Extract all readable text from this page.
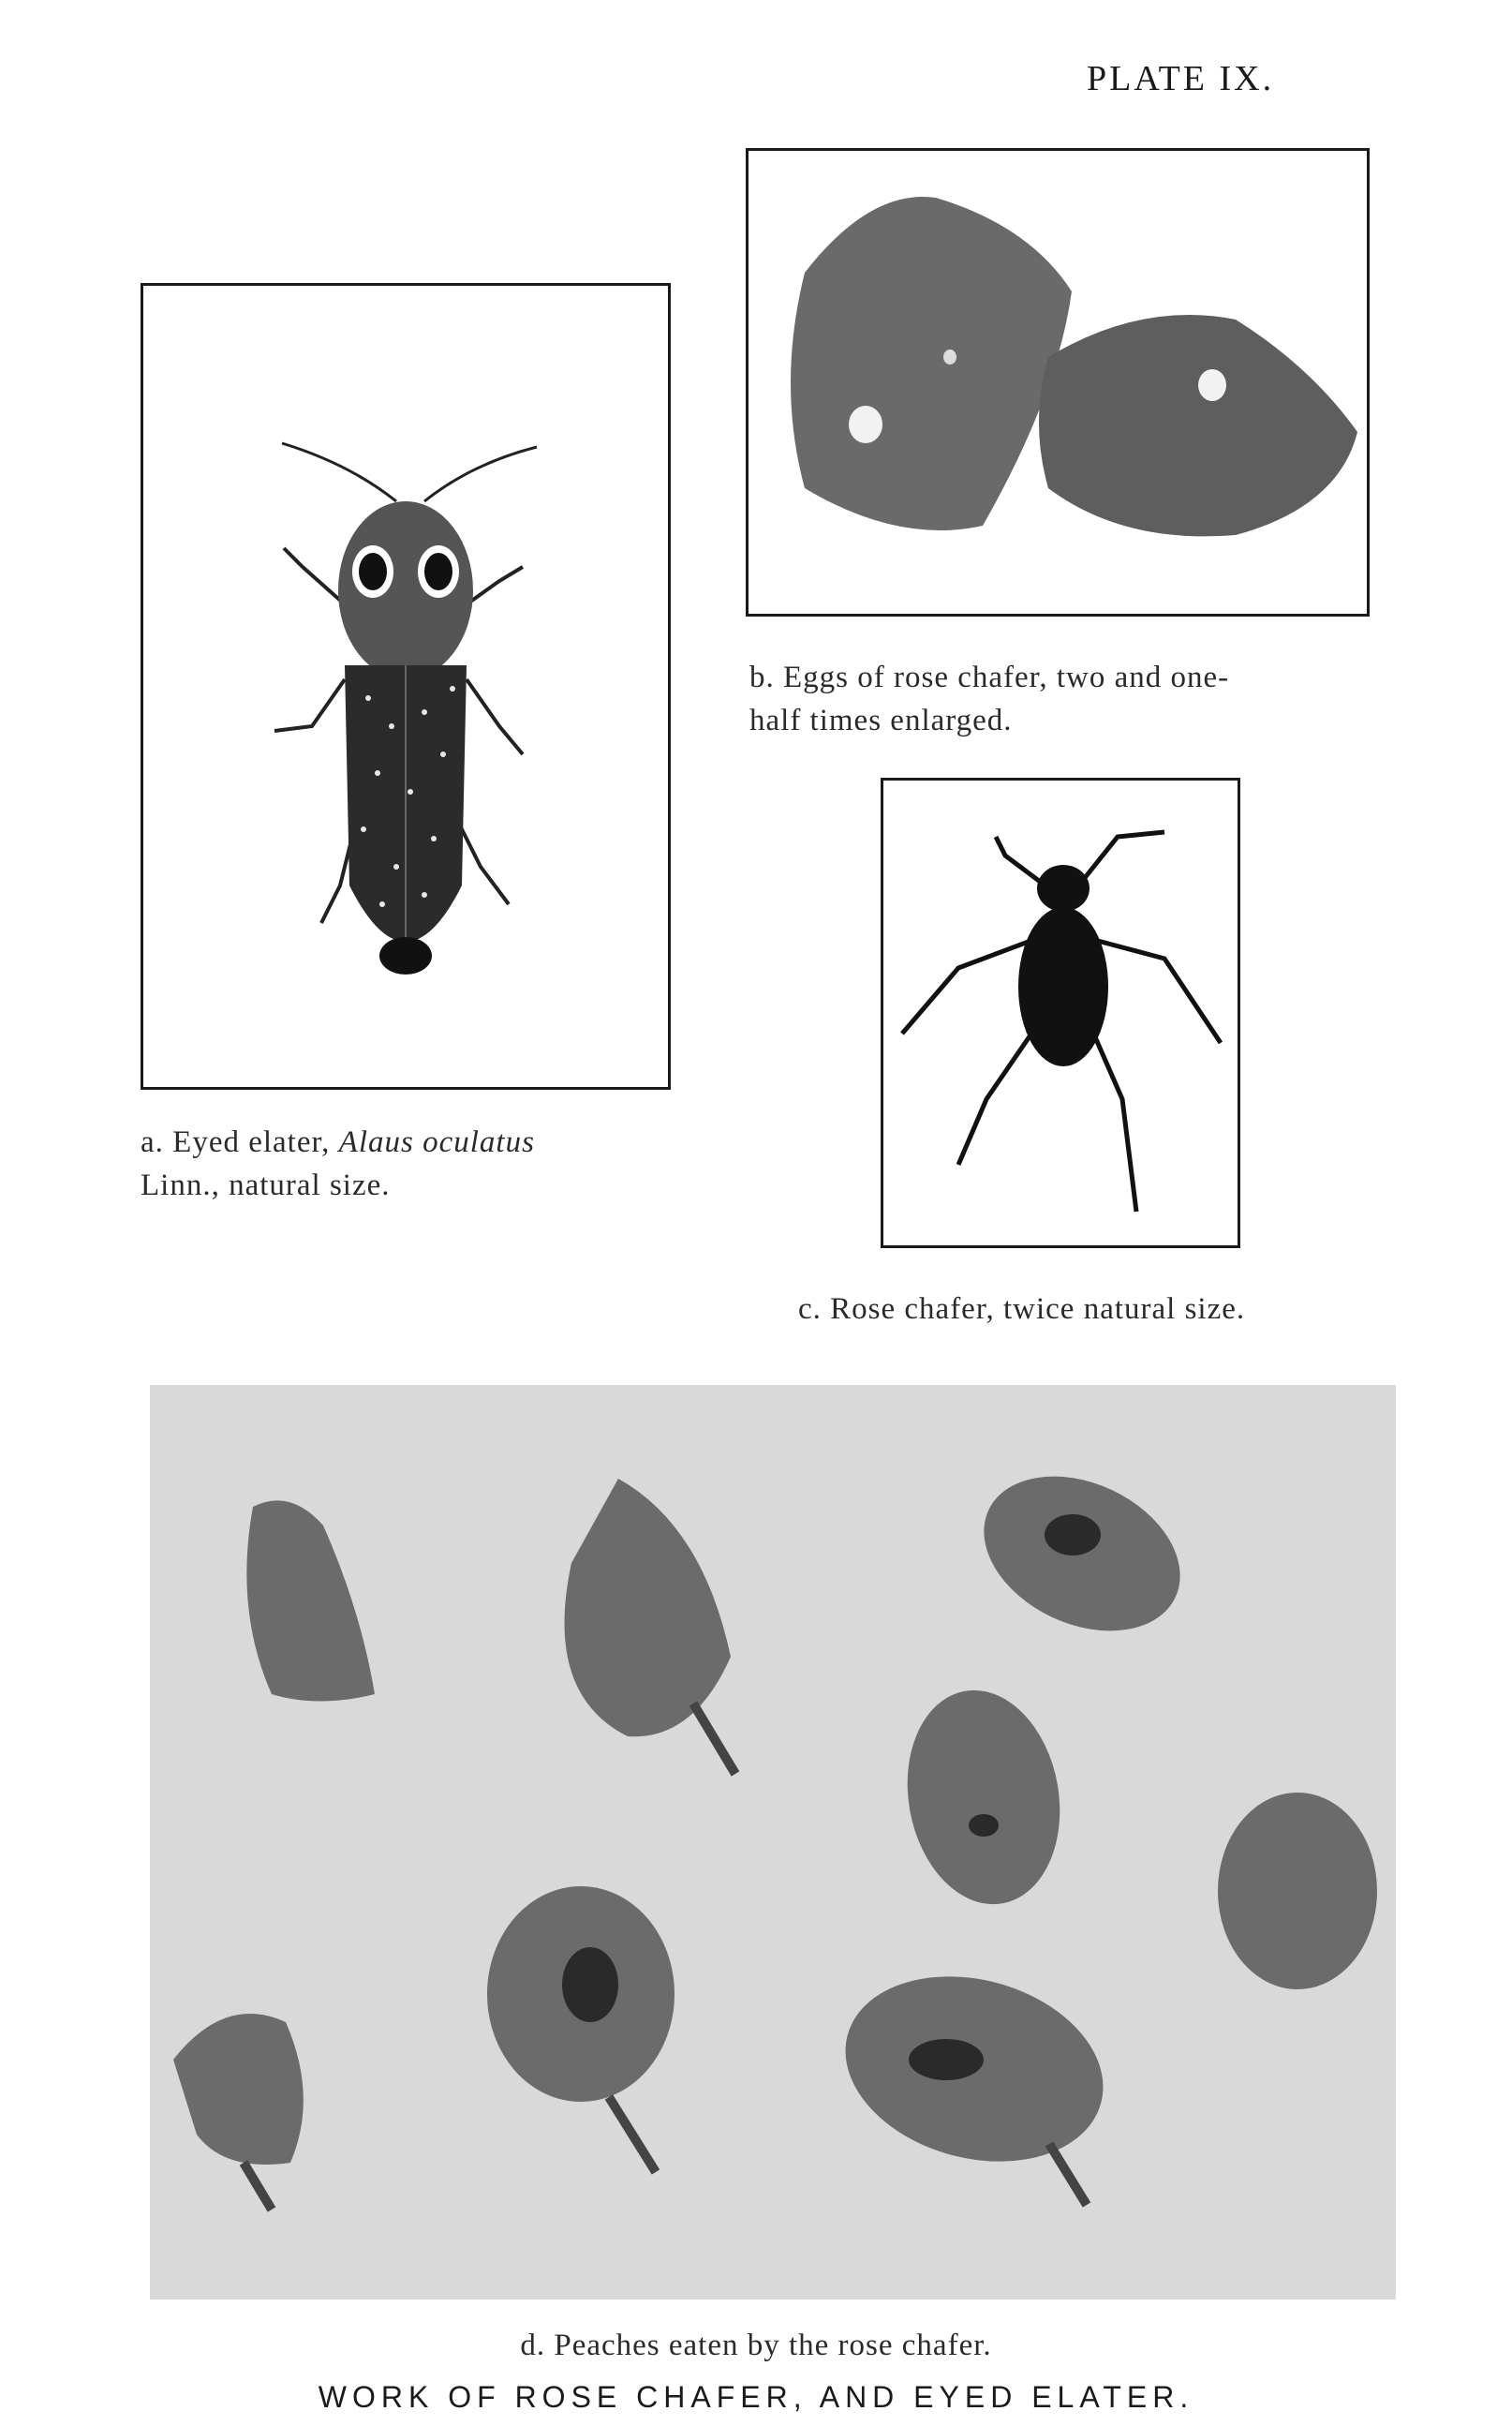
PLATE IX.
a. Eyed elater, Alaus oculatus
Linn., natural size.
b. Eggs of rose chafer, two and one-
half times enlarged.
c. Rose chafer, twice natural size.
d. Peaches eaten by the rose chafer.
WORK OF ROSE CHAFER, AND EYED ELATER.
